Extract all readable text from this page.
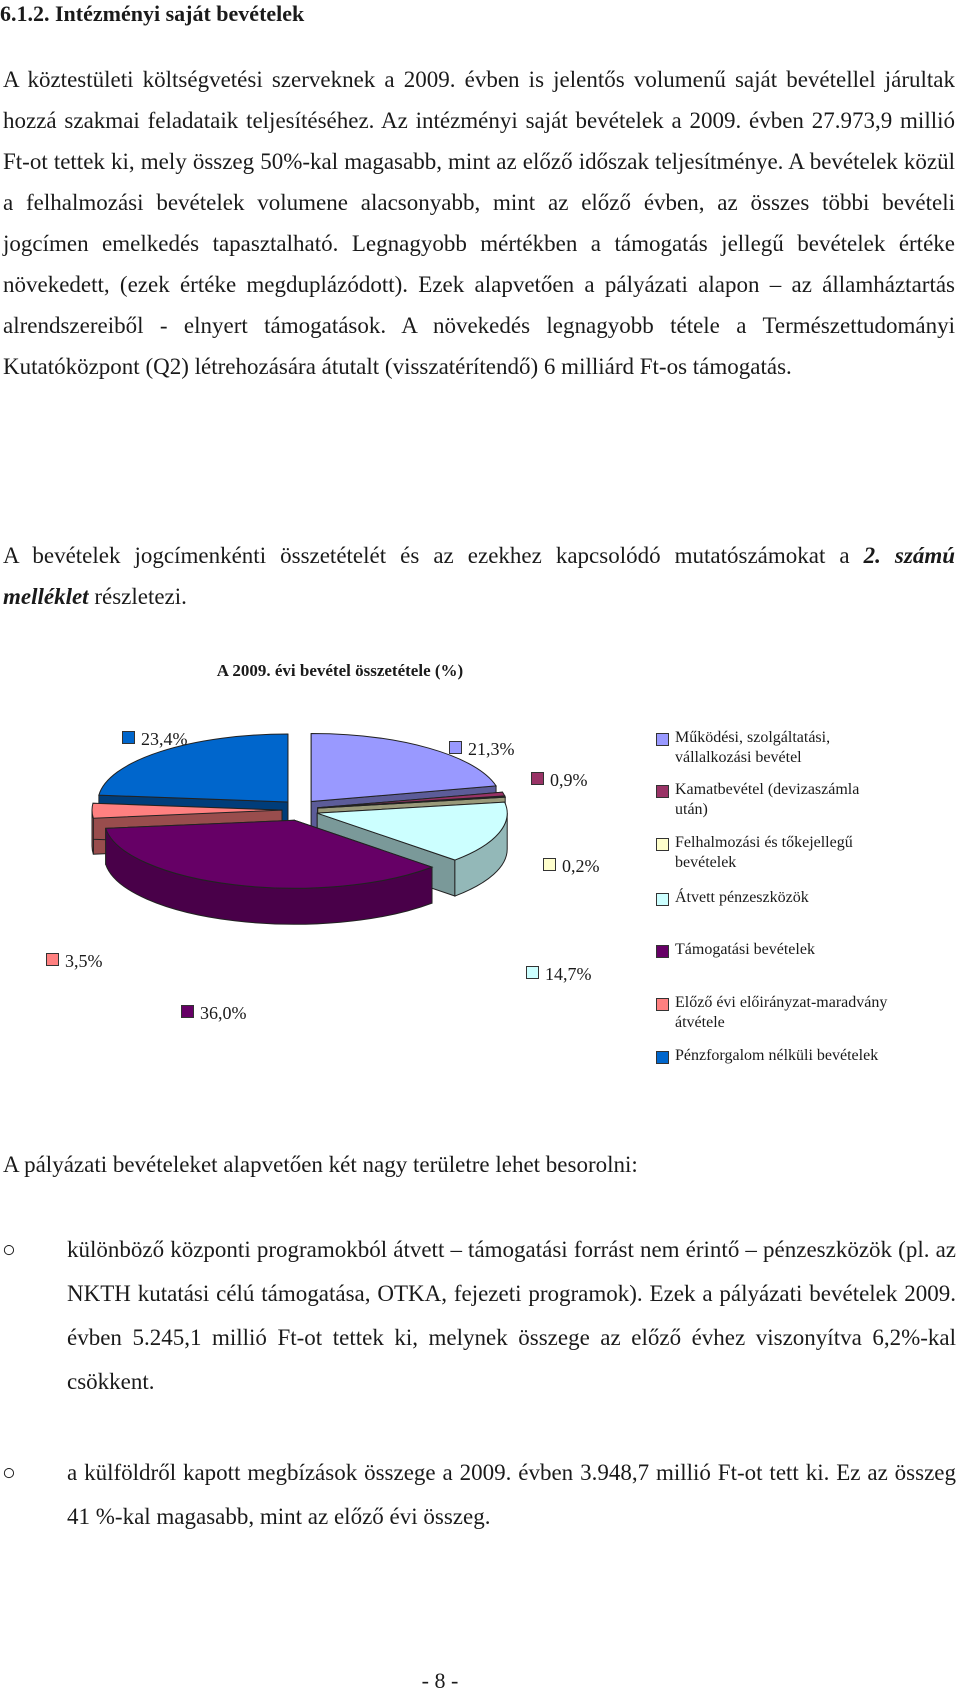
6.1.2. Intézményi saját bevételek

A köztestületi költségvetési szerveknek a 2009. évben is jelentős volumenű saját bevétellel járultak hozzá szakmai feladataik teljesítéséhez. Az intézményi saját bevételek a 2009. évben 27.973,9 millió Ft-ot tettek ki, mely összeg 50%-kal magasabb, mint az előző időszak teljesítménye. A bevételek közül a felhalmozási bevételek volumene alacsonyabb, mint az előző évben, az összes többi bevételi jogcímen emelkedés tapasztalható. Legnagyobb mértékben a támogatás jellegű bevételek értéke növekedett, (ezek értéke megduplázódott). Ezek alapvetően a pályázati alapon – az államháztartás alrendszereiből - elnyert támogatások. A növekedés legnagyobb tétele a Természettudományi Kutatóközpont (Q2) létrehozására átutalt (visszatérítendő) 6 milliárd Ft-os támogatás.

A bevételek jogcímenkénti összetételét és az ezekhez kapcsolódó mutatószámokat a 2. számú melléklet részletezi.

A 2009. évi bevétel összetétele (%)
23,4%	21,3%
0,9%
0,2%
14,7%
36,0%
3,5%
Működési, szolgáltatási, vállalkozási bevétel
Kamatbevétel (devizaszámla után)
Felhalmozási és tőkejellegű bevételek
Átvett pénzeszközök
Támogatási bevételek
Előző évi előirányzat-maradvány átvétele
Pénzforgalom nélküli bevételek

A pályázati bevételeket alapvetően két nagy területre lehet besorolni:

○ különböző központi programokból átvett – támogatási forrást nem érintő – pénzeszközök (pl. az NKTH kutatási célú támogatása, OTKA, fejezeti programok). Ezek a pályázati bevételek 2009. évben 5.245,1 millió Ft-ot tettek ki, melynek összege az előző évhez viszonyítva 6,2%-kal csökkent.

○ a külföldről kapott megbízások összege a 2009. évben 3.948,7 millió Ft-ot tett ki. Ez az összeg 41 %-kal magasabb, mint az előző évi összeg.

- 8 -
